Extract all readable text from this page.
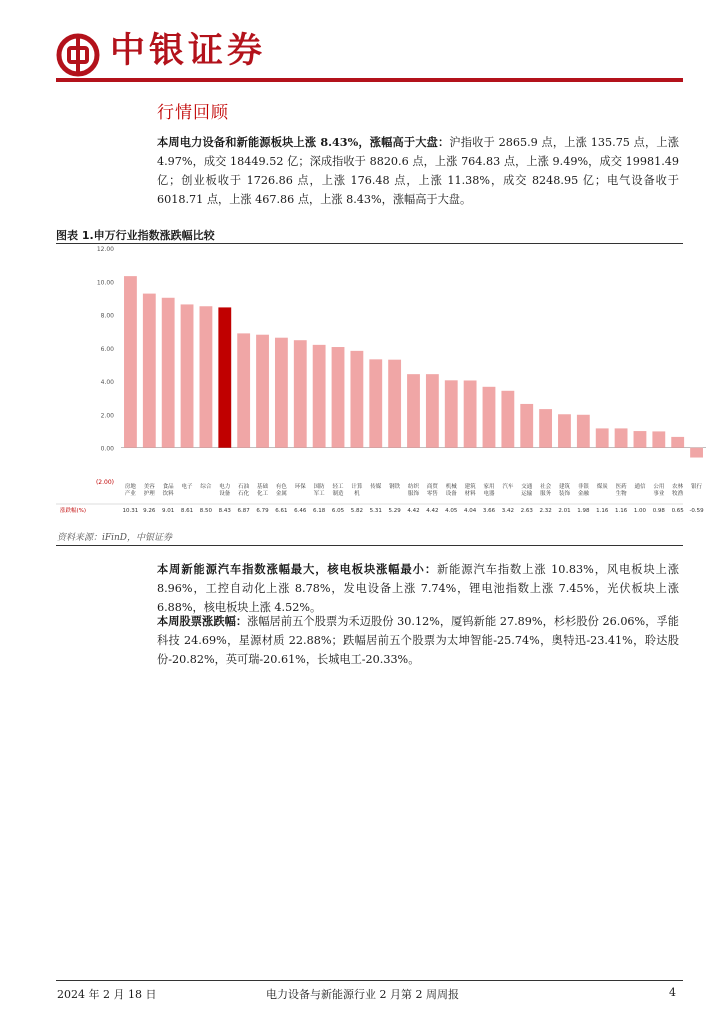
中银证券
行情回顾
本周电力设备和新能源板块上涨 8.43%，涨幅高于大盘：沪指收于 2865.9 点，上涨 135.75 点，上涨 4.97%，成交 18449.52 亿；深成指收于 8820.6 点，上涨 764.83 点，上涨 9.49%，成交 19981.49 亿；创业板收于 1726.86 点，上涨 176.48 点，上涨 11.38%，成交 8248.95 亿；电气设备收于 6018.71 点，上涨 467.86 点，上涨 8.43%，涨幅高于大盘。
图表 1.申万行业指数涨跌幅比较
(2.00)
0.00
2.00
4.00
6.00
8.00
10.00
12.00
房地产业
美容护理
食品饮料
电子 综合 电力设备
石油石化
基础化工
有色金属
环保 国防军工
轻工制造
计算机
传媒 钢铁 纺织服饰
商贸零售
机械设备
建筑材料
家用电器
汽车 交通运输
社会服务
建筑装饰
非银金融
煤炭 医药生物
通信 公用事业
农林牧渔
银行
涨跌幅(%)	10.31 9.26 9.01 8.61 8.50 8.43 6.87 6.79 6.61 6.46 6.18 6.05 5.82 5.31 5.29 4.42 4.42 4.05 4.04 3.66 3.42 2.63 2.32 2.01 1.98 1.16 1.16 1.00 0.98 0.65 -0.59
资料来源：iFinD，中银证券
本周新能源汽车指数涨幅最大，核电板块涨幅最小：新能源汽车指数上涨 10.83%，风电板块上涨 8.96%，工控自动化上涨 8.78%，发电设备上涨 7.74%，锂电池指数上涨 7.45%，光伏板块上涨 6.88%，核电板块上涨 4.52%。
本周股票涨跌幅：涨幅居前五个股票为禾迈股份 30.12%，厦钨新能 27.89%，杉杉股份 26.06%，孚能科技 24.69%，星源材质 22.88%；跌幅居前五个股票为太坤智能-25.74%，奥特迅-23.41%，聆达股份-20.82%，英可瑞-20.61%，长城电工-20.33%。
2024 年 2 月 18 日	电力设备与新能源行业 2 月第 2 周周报	4
